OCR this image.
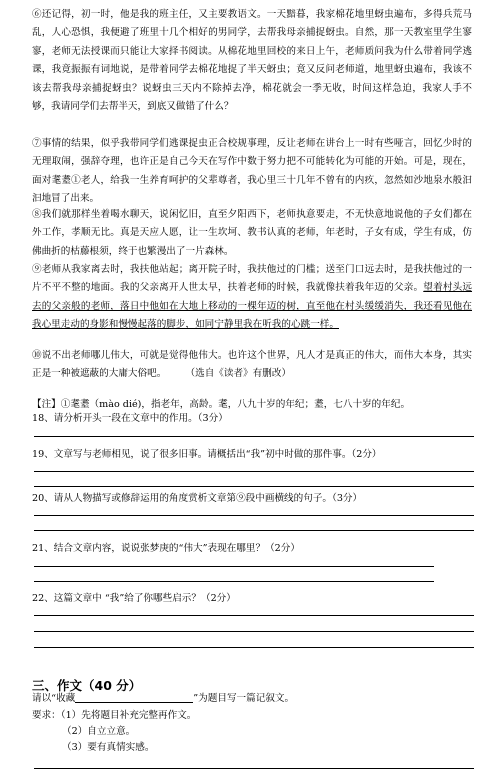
⑥还记得，初一时，他是我的班主任，又主要教语文。一天黯暮，我家棉花地里蚜虫遍布，多得兵荒马乱，人心恐惧，我便避了班里十几个相好的男同学，去帮我母亲捕捉蚜虫。自然，那一天教室里学生寥寥，老师无法授课而只能让大家择书阅读。从棉花地里回校的来日上午，老师质问我为什么带着同学逃课，我竟振振有词地说，是带着同学去棉花地捉了半天蚜虫；竟又反问老师道，地里蚜虫遍布，我该不该去帮我母亲捕捉蚜虫？说蚜虫三天内不除掉去净，棉花就会一季无收，时间这样急迫，我家人手不够，我请同学们去帮半天，到底又做错了什么？

⑦事情的结果，似乎我带同学们逃课捉虫正合校规事理，反让老师在讲台上一时有些哑言，回忆少时的无理取闹，强辞夺理，也许正是自己今天在写作中数于努力把不可能转化为可能的开始。可是，现在，面对耄耋①老人，给我一生养育呵护的父辈尊者，我心里三十几年不曾有的内疚，忽然如沙地泉水般汩汩地冒了出来。

⑧我们就那样坐着喝水聊天，说闲忆旧，直至夕阳西下，老师执意要走，不无快意地说他的子女们都在外工作，孝顺无比。真是天应人愿，让一生坎坷、教书认真的老师，年老时，子女有成，学生有成，仿佛曲折的枯藤根须，终于也繁漫出了一片森林。

⑨老师从我家离去时，我扶他站起；离开院子时，我扶他过的门槛；送至门口远去时，是我扶他过的一片不平不整的地面。我的父亲离开人世太早，扶着老师的时候，我就像扶着我年迈的父亲。望着村头远去的父亲般的老师，落日中他如在大地上移动的一棵年迈的树，直至他在村头缓缓消失，我还看见他在我心里走动的身影和慢慢起落的脚步，如同宁静里我在听我的心跳一样。

⑩说不出老师哪儿伟大，可就是觉得他伟大。也许这个世界，凡人才是真正的伟大，而伟大本身，其实正是一种被遮蔽的大庸大俗吧。	（选自《读者》有删改）

【注】①耄耋（mào dié)，指老年，高龄。耄，八九十岁的年纪；耋，七八十岁的年纪。

18、请分析开头一段在文章中的作用。（3分）

19、文章写与老师相见，说了很多旧事。请概括出“我”初中时做的那件事。（2分）

20、请从人物描写或修辞运用的角度赏析文章第⑨段中画横线的句子。（3分）

21、结合文章内容，说说张梦庚的“伟大”表现在哪里？（2分）

22、这篇文章中 “我”给了你哪些启示？（2分）

三、作文（40 分）

请以“收藏	”为题目写一篇记叙文。

要求：（1）先将题目补充完整再作文。

（2）自立立意。

（3）要有真情实感。
